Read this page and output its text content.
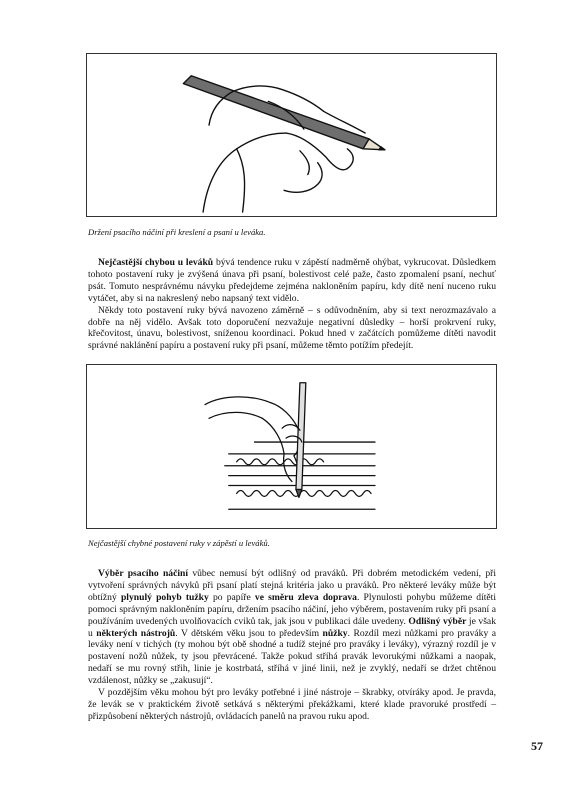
Držení psacího náčiní při kreslení a psaní u leváka.

Nejčastější chybou u leváků bývá tendence ruku v zápěstí nadměrně ohýbat, vykrucovat. Důsledkem tohoto postavení ruky je zvýšená únava při psaní, bolestivost celé paže, často zpomalení psaní, nechuť psát. Tomuto nesprávnému návyku předejdeme zejména nakloněním papíru, kdy dítě není nuceno ruku vytáčet, aby si na nakreslený nebo napsaný text vidělo.

Někdy toto postavení ruky bývá navozeno záměrně – s odůvodněním, aby si text nerozmazávalo a dobře na něj vidělo. Avšak toto doporučení nezvažuje negativní důsledky – horší prokrvení ruky, křečovitost, únavu, bolestivost, sníženou koordinaci. Pokud hned v začátcích pomůžeme dítěti navodit správné naklánění papíru a postavení ruky při psaní, můžeme těmto potížím předejít.

Nejčastější chybné postavení ruky v zápěstí u leváků.

Výběr psacího náčiní vůbec nemusí být odlišný od praváků. Při dobrém metodickém vedení, při vytvoření správných návyků při psaní platí stejná kritéria jako u praváků. Pro některé leváky může být obtížný plynulý pohyb tužky po papíře ve směru zleva doprava. Plynulosti pohybu můžeme dítěti pomoci správným nakloněním papíru, držením psacího náčiní, jeho výběrem, postavením ruky při psaní a používáním uvedených uvolňovacích cviků tak, jak jsou v publikaci dále uvedeny. Odlišný výběr je však u některých nástrojů. V dětském věku jsou to především nůžky. Rozdíl mezi nůžkami pro praváky a leváky není v tichých (ty mohou být obě shodné a tudíž stejné pro praváky i leváky), výrazný rozdíl je v postavení nožů nůžek, ty jsou převrácené. Takže pokud stříhá pravák levorukými nůžkami a naopak, nedaří se mu rovný střih, linie je kostrbatá, stříhá v jiné linii, než je zvyklý, nedaří se držet chtěnou vzdálenost, nůžky se „zakusují“.

V pozdějším věku mohou být pro leváky potřebné i jiné nástroje – škrabky, otvíráky apod. Je pravda, že levák se v praktickém životě setkává s některými překážkami, které klade pravoruké prostředí – přizpůsobení některých nástrojů, ovládacích panelů na pravou ruku apod.

57
